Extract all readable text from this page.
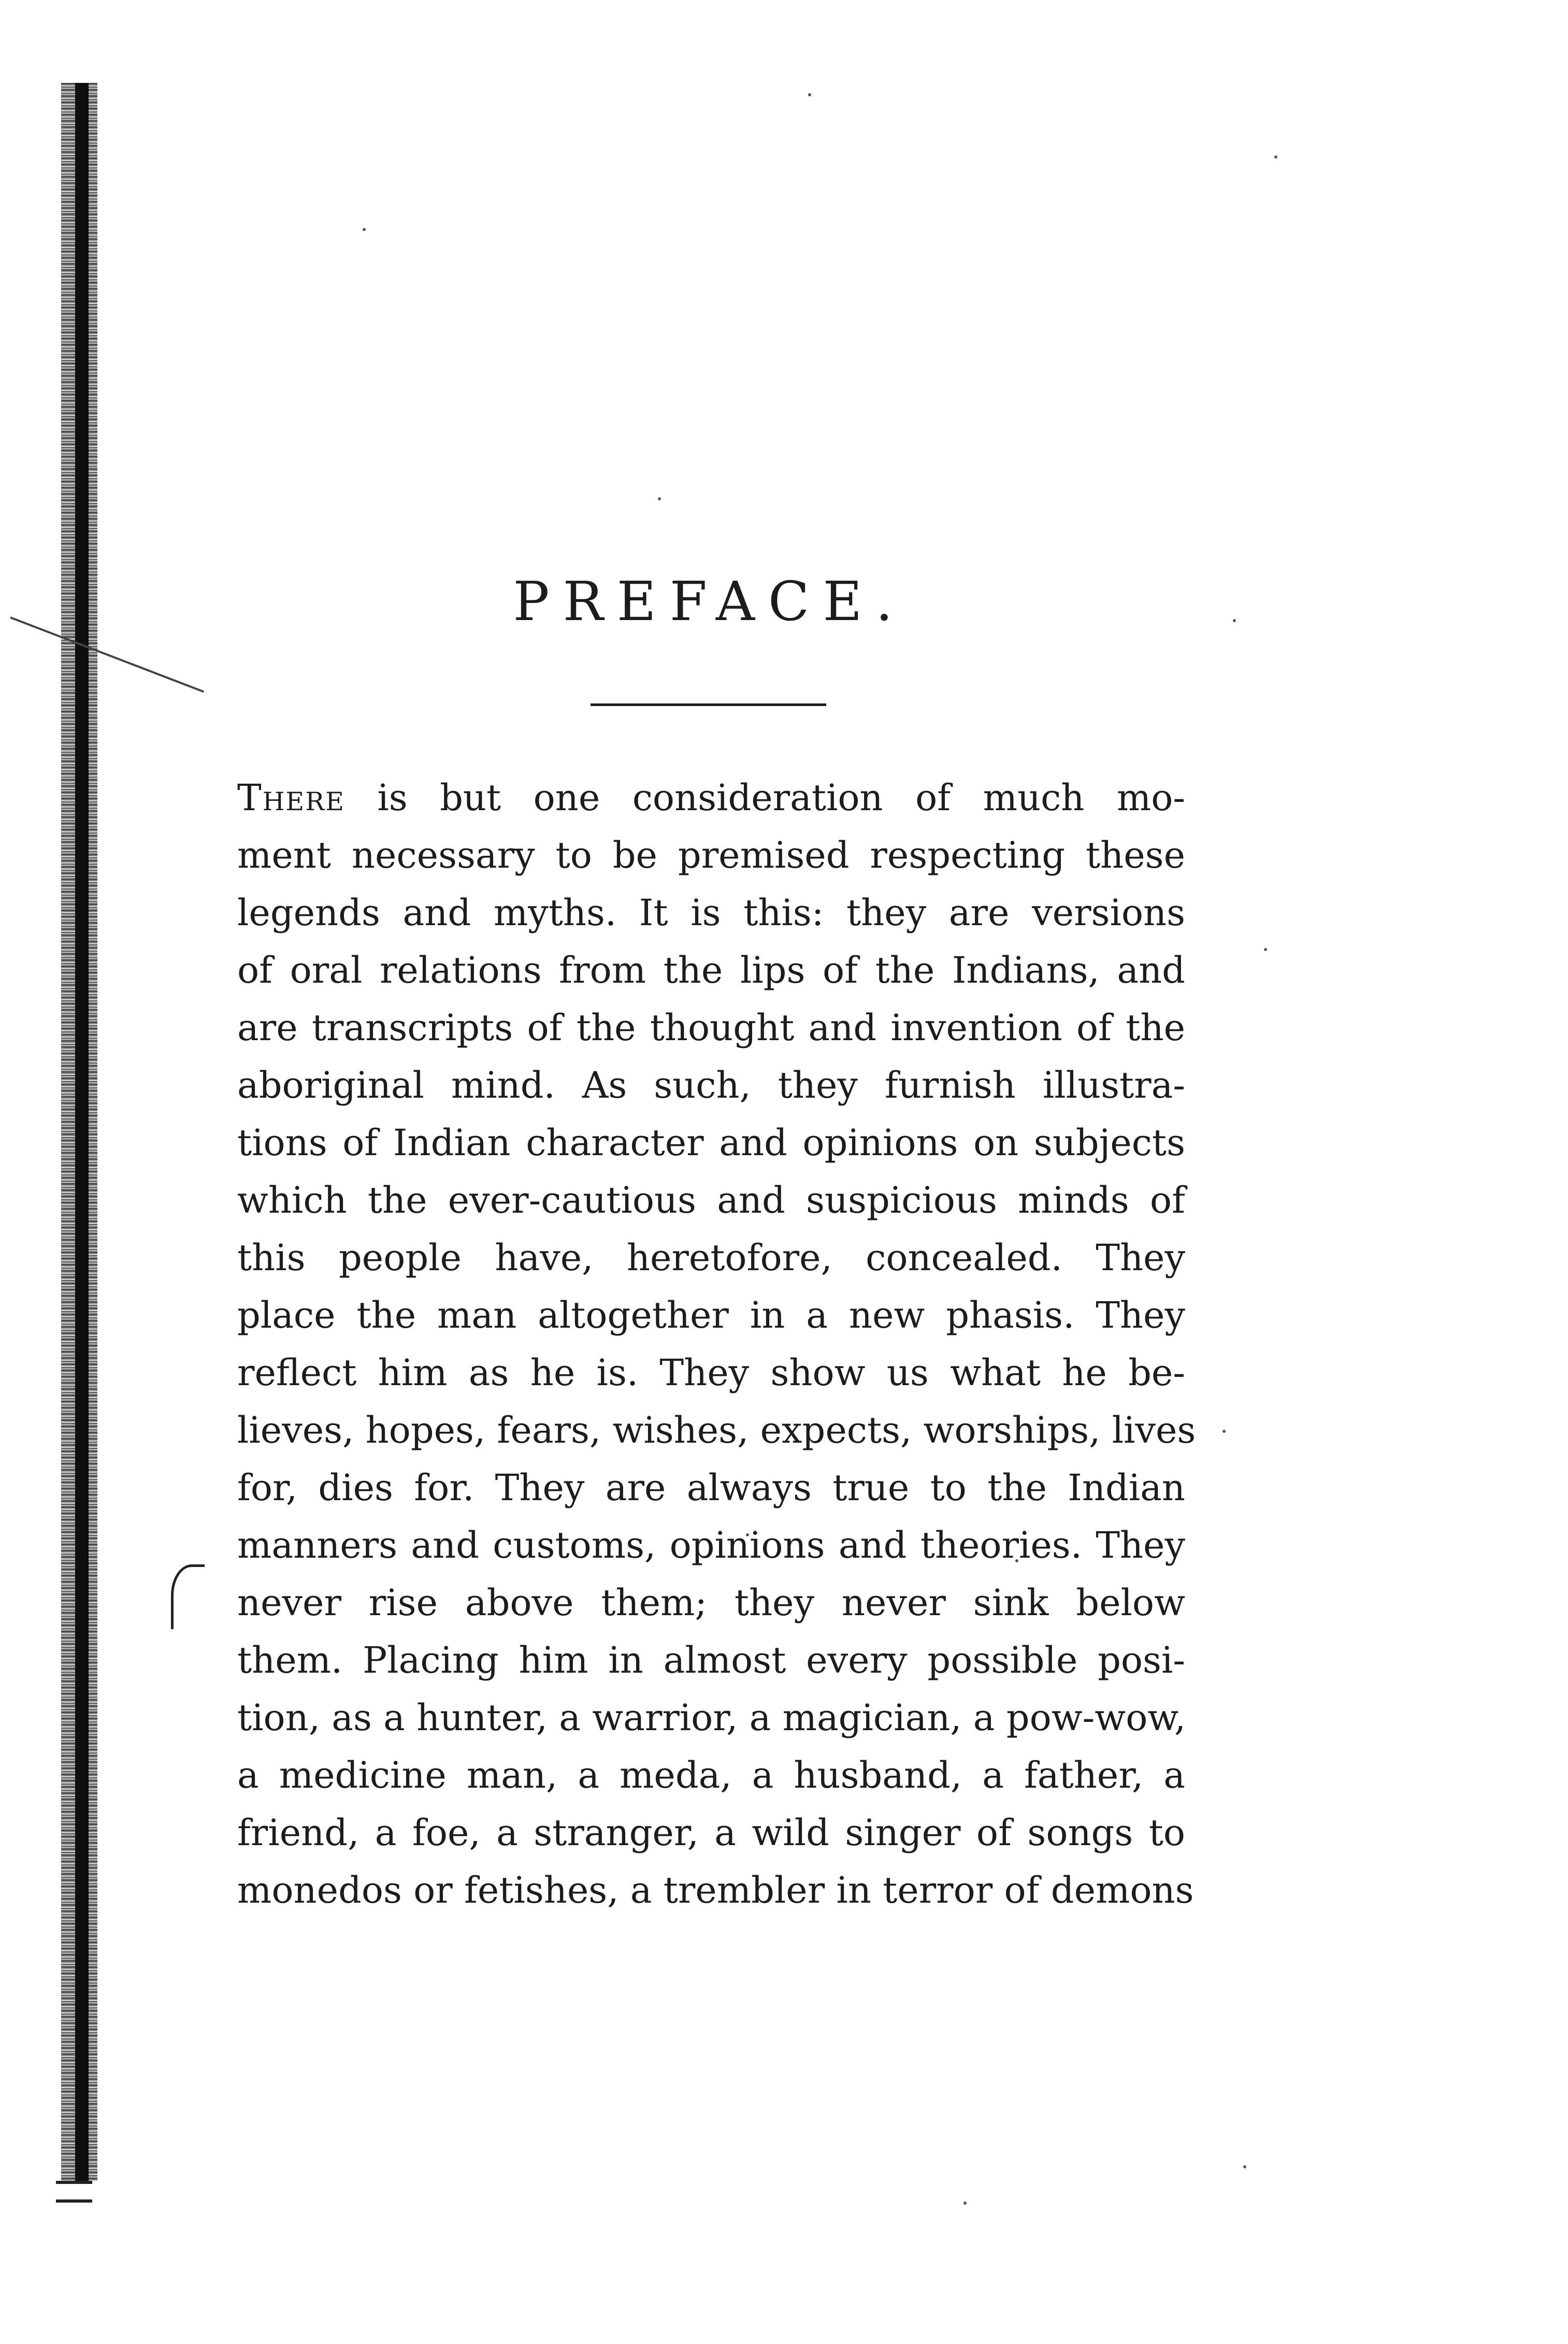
PREFACE.
There is but one consideration of much mo-
ment necessary to be premised respecting these
legends and myths. It is this: they are versions
of oral relations from the lips of the Indians, and
are transcripts of the thought and invention of the
aboriginal mind. As such, they furnish illustra-
tions of Indian character and opinions on subjects
which the ever-cautious and suspicious minds of
this people have, heretofore, concealed. They
place the man altogether in a new phasis. They
reflect him as he is. They show us what he be-
lieves, hopes, fears, wishes, expects, worships, lives
for, dies for. They are always true to the Indian
manners and customs, opinions and theories. They
never rise above them; they never sink below
them. Placing him in almost every possible posi-
tion, as a hunter, a warrior, a magician, a pow-wow,
a medicine man, a meda, a husband, a father, a
friend, a foe, a stranger, a wild singer of songs to
monedos or fetishes, a trembler in terror of demons
